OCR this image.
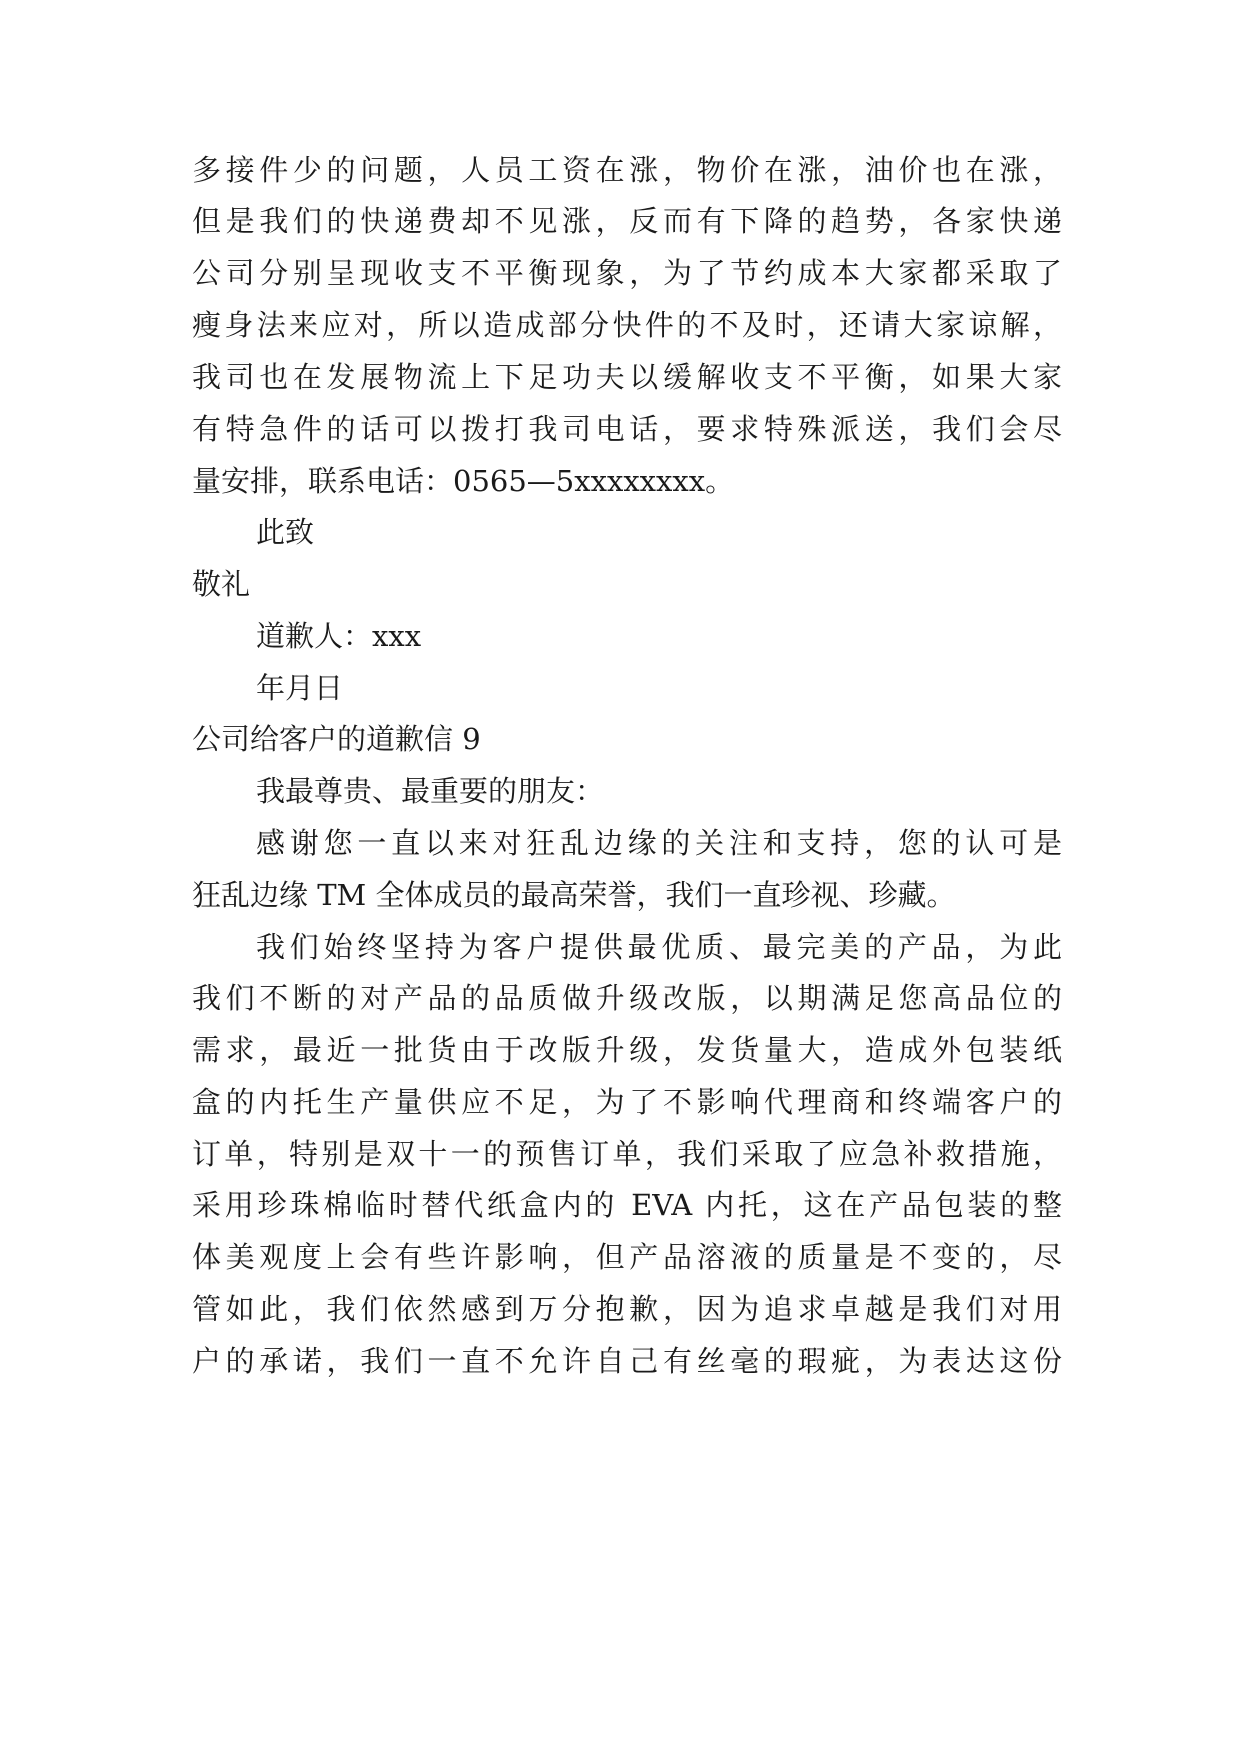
多接件少的问题，人员工资在涨，物价在涨，油价也在涨，
但是我们的快递费却不见涨，反而有下降的趋势，各家快递
公司分别呈现收支不平衡现象，为了节约成本大家都采取了
瘦身法来应对，所以造成部分快件的不及时，还请大家谅解，
我司也在发展物流上下足功夫以缓解收支不平衡，如果大家
有特急件的话可以拨打我司电话，要求特殊派送，我们会尽
量安排，联系电话：0565—5xxxxxxxx。
此致
敬礼
道歉人：xxx
年月日
公司给客户的道歉信 9
我最尊贵、最重要的朋友：
感谢您一直以来对狂乱边缘的关注和支持，您的认可是
狂乱边缘 TM 全体成员的最高荣誉，我们一直珍视、珍藏。
我们始终坚持为客户提供最优质、最完美的产品，为此
我们不断的对产品的品质做升级改版，以期满足您高品位的
需求，最近一批货由于改版升级，发货量大，造成外包装纸
盒的内托生产量供应不足，为了不影响代理商和终端客户的
订单，特别是双十一的预售订单，我们采取了应急补救措施，
采用珍珠棉临时替代纸盒内的 EVA 内托，这在产品包装的整
体美观度上会有些许影响，但产品溶液的质量是不变的，尽
管如此，我们依然感到万分抱歉，因为追求卓越是我们对用
户的承诺，我们一直不允许自己有丝毫的瑕疵，为表达这份
